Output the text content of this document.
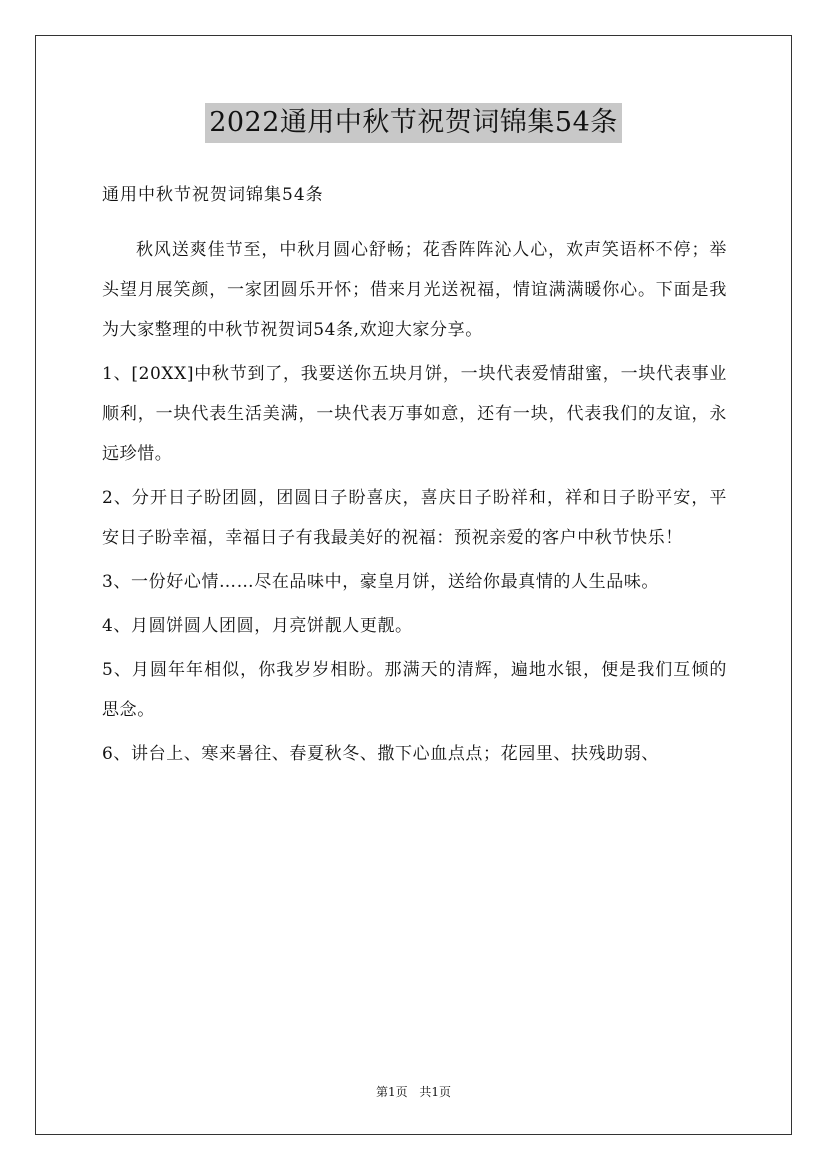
2022通用中秋节祝贺词锦集54条
通用中秋节祝贺词锦集54条

秋风送爽佳节至，中秋月圆心舒畅；花香阵阵沁人心，欢声笑语杯不停；举头望月展笑颜，一家团圆乐开怀；借来月光送祝福，情谊满满暖你心。下面是我为大家整理的中秋节祝贺词54条,欢迎大家分享。

1、[20XX]中秋节到了，我要送你五块月饼，一块代表爱情甜蜜，一块代表事业顺利，一块代表生活美满，一块代表万事如意，还有一块，代表我们的友谊，永远珍惜。

2、分开日子盼团圆，团圆日子盼喜庆，喜庆日子盼祥和，祥和日子盼平安，平安日子盼幸福，幸福日子有我最美好的祝福：预祝亲爱的客户中秋节快乐！

3、一份好心情……尽在品味中，豪皇月饼，送给你最真情的人生品味。

4、月圆饼圆人团圆，月亮饼靓人更靓。

5、月圆年年相似，你我岁岁相盼。那满天的清辉，遍地水银，便是我们互倾的思念。

6、讲台上、寒来暑往、春夏秋冬、撒下心血点点；花园里、扶残助弱、

第1页 共1页
